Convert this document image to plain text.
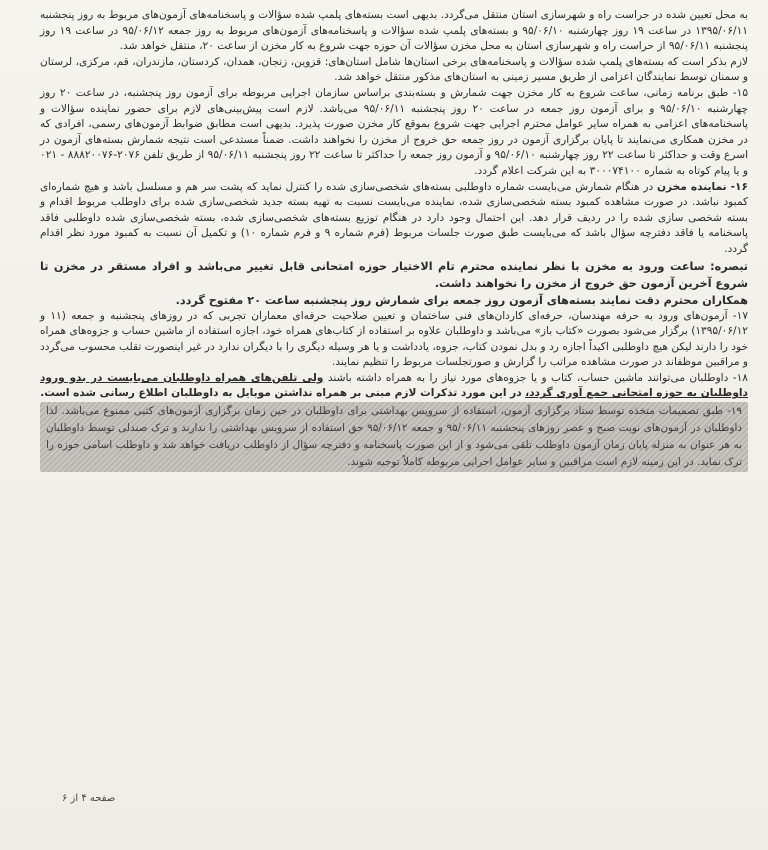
به محل تعیین شده در حراست راه و شهرسازی استان منتقل می‌گردد. بدیهی است بسته‌های پلمپ شده سؤالات و پاسخنامه‌های آزمون‌های مربوط به روز پنجشنبه ۱۳۹۵/۰۶/۱۱ در ساعت ۱۹ روز چهارشنبه ۹۵/۰۶/۱۰ و بسته‌های پلمپ شده سؤالات و پاسخنامه‌های آزمون‌های مربوط به روز جمعه ۹۵/۰۶/۱۲ در ساعت ۱۹ روز پنجشنبه ۹۵/۰۶/۱۱ از حراست راه و شهرسازی استان به محل مخزن سؤالات آن حوزه جهت شروع به کار مخزن از ساعت ۲۰، منتقل خواهد شد.

لازم بذکر است که بسته‌های پلمپ شده سؤالات و پاسخنامه‌های برخی استان‌ها شامل استان‌های: قزوین، زنجان، همدان، کردستان، مازندران، قم، مرکزی، لرستان و سمنان توسط نمایندگان اعزامی از طریق مسیر زمینی به استان‌های مذکور منتقل خواهد شد.

۱۵- طبق برنامه زمانی، ساعت شروع به کار مخزن جهت شمارش و بسته‌بندی براساس سازمان اجرایی مربوطه برای آزمون روز پنجشنبه، در ساعت ۲۰ روز چهارشنبه ۹۵/۰۶/۱۰ و برای آزمون روز جمعه در ساعت ۲۰ روز پنجشنبه ۹۵/۰۶/۱۱ می‌باشد. لازم است پیش‌بینی‌های لازم برای حضور نماینده سؤالات و پاسخنامه‌های اعزامی به همراه سایر عوامل محترم اجرایی جهت شروع بموقع کار مخزن صورت پذیرد. بدیهی است مطابق ضوابط آزمون‌های رسمی، افرادی که در مخزن همکاری می‌نمایند تا پایان برگزاری آزمون در روز جمعه حق خروج از مخزن را نخواهند داشت. ضمناً مستدعی است نتیجه شمارش بسته‌های آزمون در اسرع وقت و حداکثر تا ساعت ۲۲ روز چهارشنبه ۹۵/۰۶/۱۰ و آزمون روز جمعه را حداکثر تا ساعت ۲۲ روز پنجشنبه ۹۵/۰۶/۱۱ از طریق تلفن ۲۰۷۶-۸۸۸۲۰۰۷۶ - ۰۲۱ و یا پیام کوتاه به شماره ۳۰۰۰۷۴۱۰۰ به این شرکت اعلام گردد.

۱۶- نماینده مخزن در هنگام شمارش می‌بایست شماره داوطلبی بسته‌های شخصی‌سازی شده را کنترل نماید که پشت سر هم و مسلسل باشد و هیچ شماره‌ای کمبود نباشد. در صورت مشاهده کمبود بسته شخصی‌سازی شده، نماینده می‌بایست نسبت به تهیه بسته جدید شخصی‌سازی شده برای داوطلب مربوط اقدام و بسته شخصی سازی شده را در ردیف قرار دهد. این احتمال وجود دارد در هنگام توزیع بسته‌های شخصی‌سازی شده، بسته شخصی‌سازی شده داوطلبی فاقد پاسخنامه یا فاقد دفترچه سؤال باشد که می‌بایست طبق صورت جلسات مربوط (فرم شماره ۹ و فرم شماره ۱۰) و تکمیل آن نسبت به کمبود مورد نظر اقدام گردد.

تبصره: ساعت ورود به مخزن با نظر نماینده محترم تام الاختیار حوزه امتحانی قابل تغییر می‌باشد و افراد مستقر در مخزن تا شروع آخرین آزمون حق خروج از مخزن را نخواهند داشت.

همکاران محترم دقت نمایند بسته‌های آزمون روز جمعه برای شمارش روز پنجشنبه ساعت ۲۰ مفتوح گردد.

۱۷- آزمون‌های ورود به حرفه مهندسان، حرفه‌ای کاردان‌های فنی ساختمان و تعیین صلاحیت حرفه‌ای معماران تجربی که در روزهای پنجشنبه و جمعه (۱۱ و ۱۳۹۵/۰۶/۱۲) برگزار می‌شود بصورت «کتاب باز» می‌باشد و داوطلبان علاوه بر استفاده از کتاب‌های همراه خود، اجازه استفاده از ماشین حساب و جزوه‌های همراه خود را دارند لیکن هیچ داوطلبی اکیداً اجازه رد و بدل نمودن کتاب، جزوه، یادداشت و یا هر وسیله دیگری را با دیگران ندارد در غیر اینصورت تقلب محسوب می‌گردد و مراقبین موظفاند در صورت مشاهده مراتب را گزارش و صورتجلسات مربوط را تنظیم نمایند.

۱۸- داوطلبان می‌توانند ماشین حساب، کتاب و یا جزوه‌های مورد نیاز را به همراه داشته باشند ولی تلفن‌های همراه داوطلبان می‌بایست در بدو ورود داوطلبان به حوزه امتحانی جمع آوری گردد، در این مورد تذکرات لازم مبنی بر همراه نداشتن موبایل به داوطلبان اطلاع رسانی شده است.

۱۹- طبق تصمیمات متخذه توسط ستاد برگزاری آزمون، استفاده از سرویس بهداشتی برای داوطلبان در حین زمان برگزاری آزمون‌های کتبی ممنوع می‌باشد. لذا داوطلبان در آزمون‌های نوبت صبح و عصر روزهای پنجشنبه ۹۵/۰۶/۱۱ و جمعه ۹۵/۰۶/۱۲ حق استفاده از سرویس بهداشتی را ندارند و ترک صندلی توسط داوطلبان به هر عنوان به منزله پایان زمان آزمون داوطلب تلقی می‌شود و از این صورت پاسخنامه و دفترچه سؤال از داوطلب دریافت خواهد شد و داوطلب اسامی حوزه را ترک نماید. در این زمینه لازم است مراقبین و سایر عوامل اجرایی مربوطه کاملاً توجیه شوند.

صفحه ۴ از ۶
